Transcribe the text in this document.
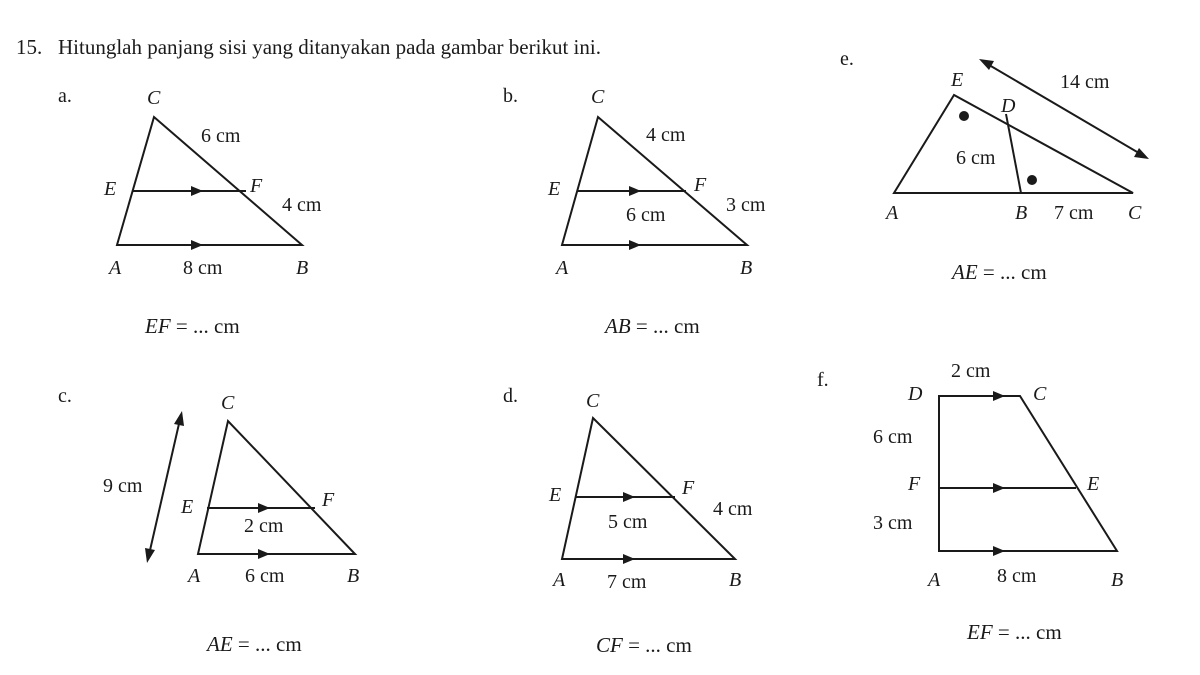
15. Hitunglah panjang sisi yang ditanyakan pada gambar berikut ini.
a.	C
E	F
A	B
6 cm
4 cm
8 cm
EF = ... cm
b.	C
E	F
A	B
4 cm
6 cm	3 cm
AB = ... cm
c.	C
E	F
A	B
9 cm
2 cm
6 cm
AE = ... cm
d.	C
E	F
A	B
5 cm
4 cm
7 cm
CF = ... cm
e.
E
D
A	B	C
14 cm
6 cm
7 cm
AE = ... cm
f.
D	C
F	E
A	B
2 cm
6 cm
3 cm
8 cm
EF = ... cm
